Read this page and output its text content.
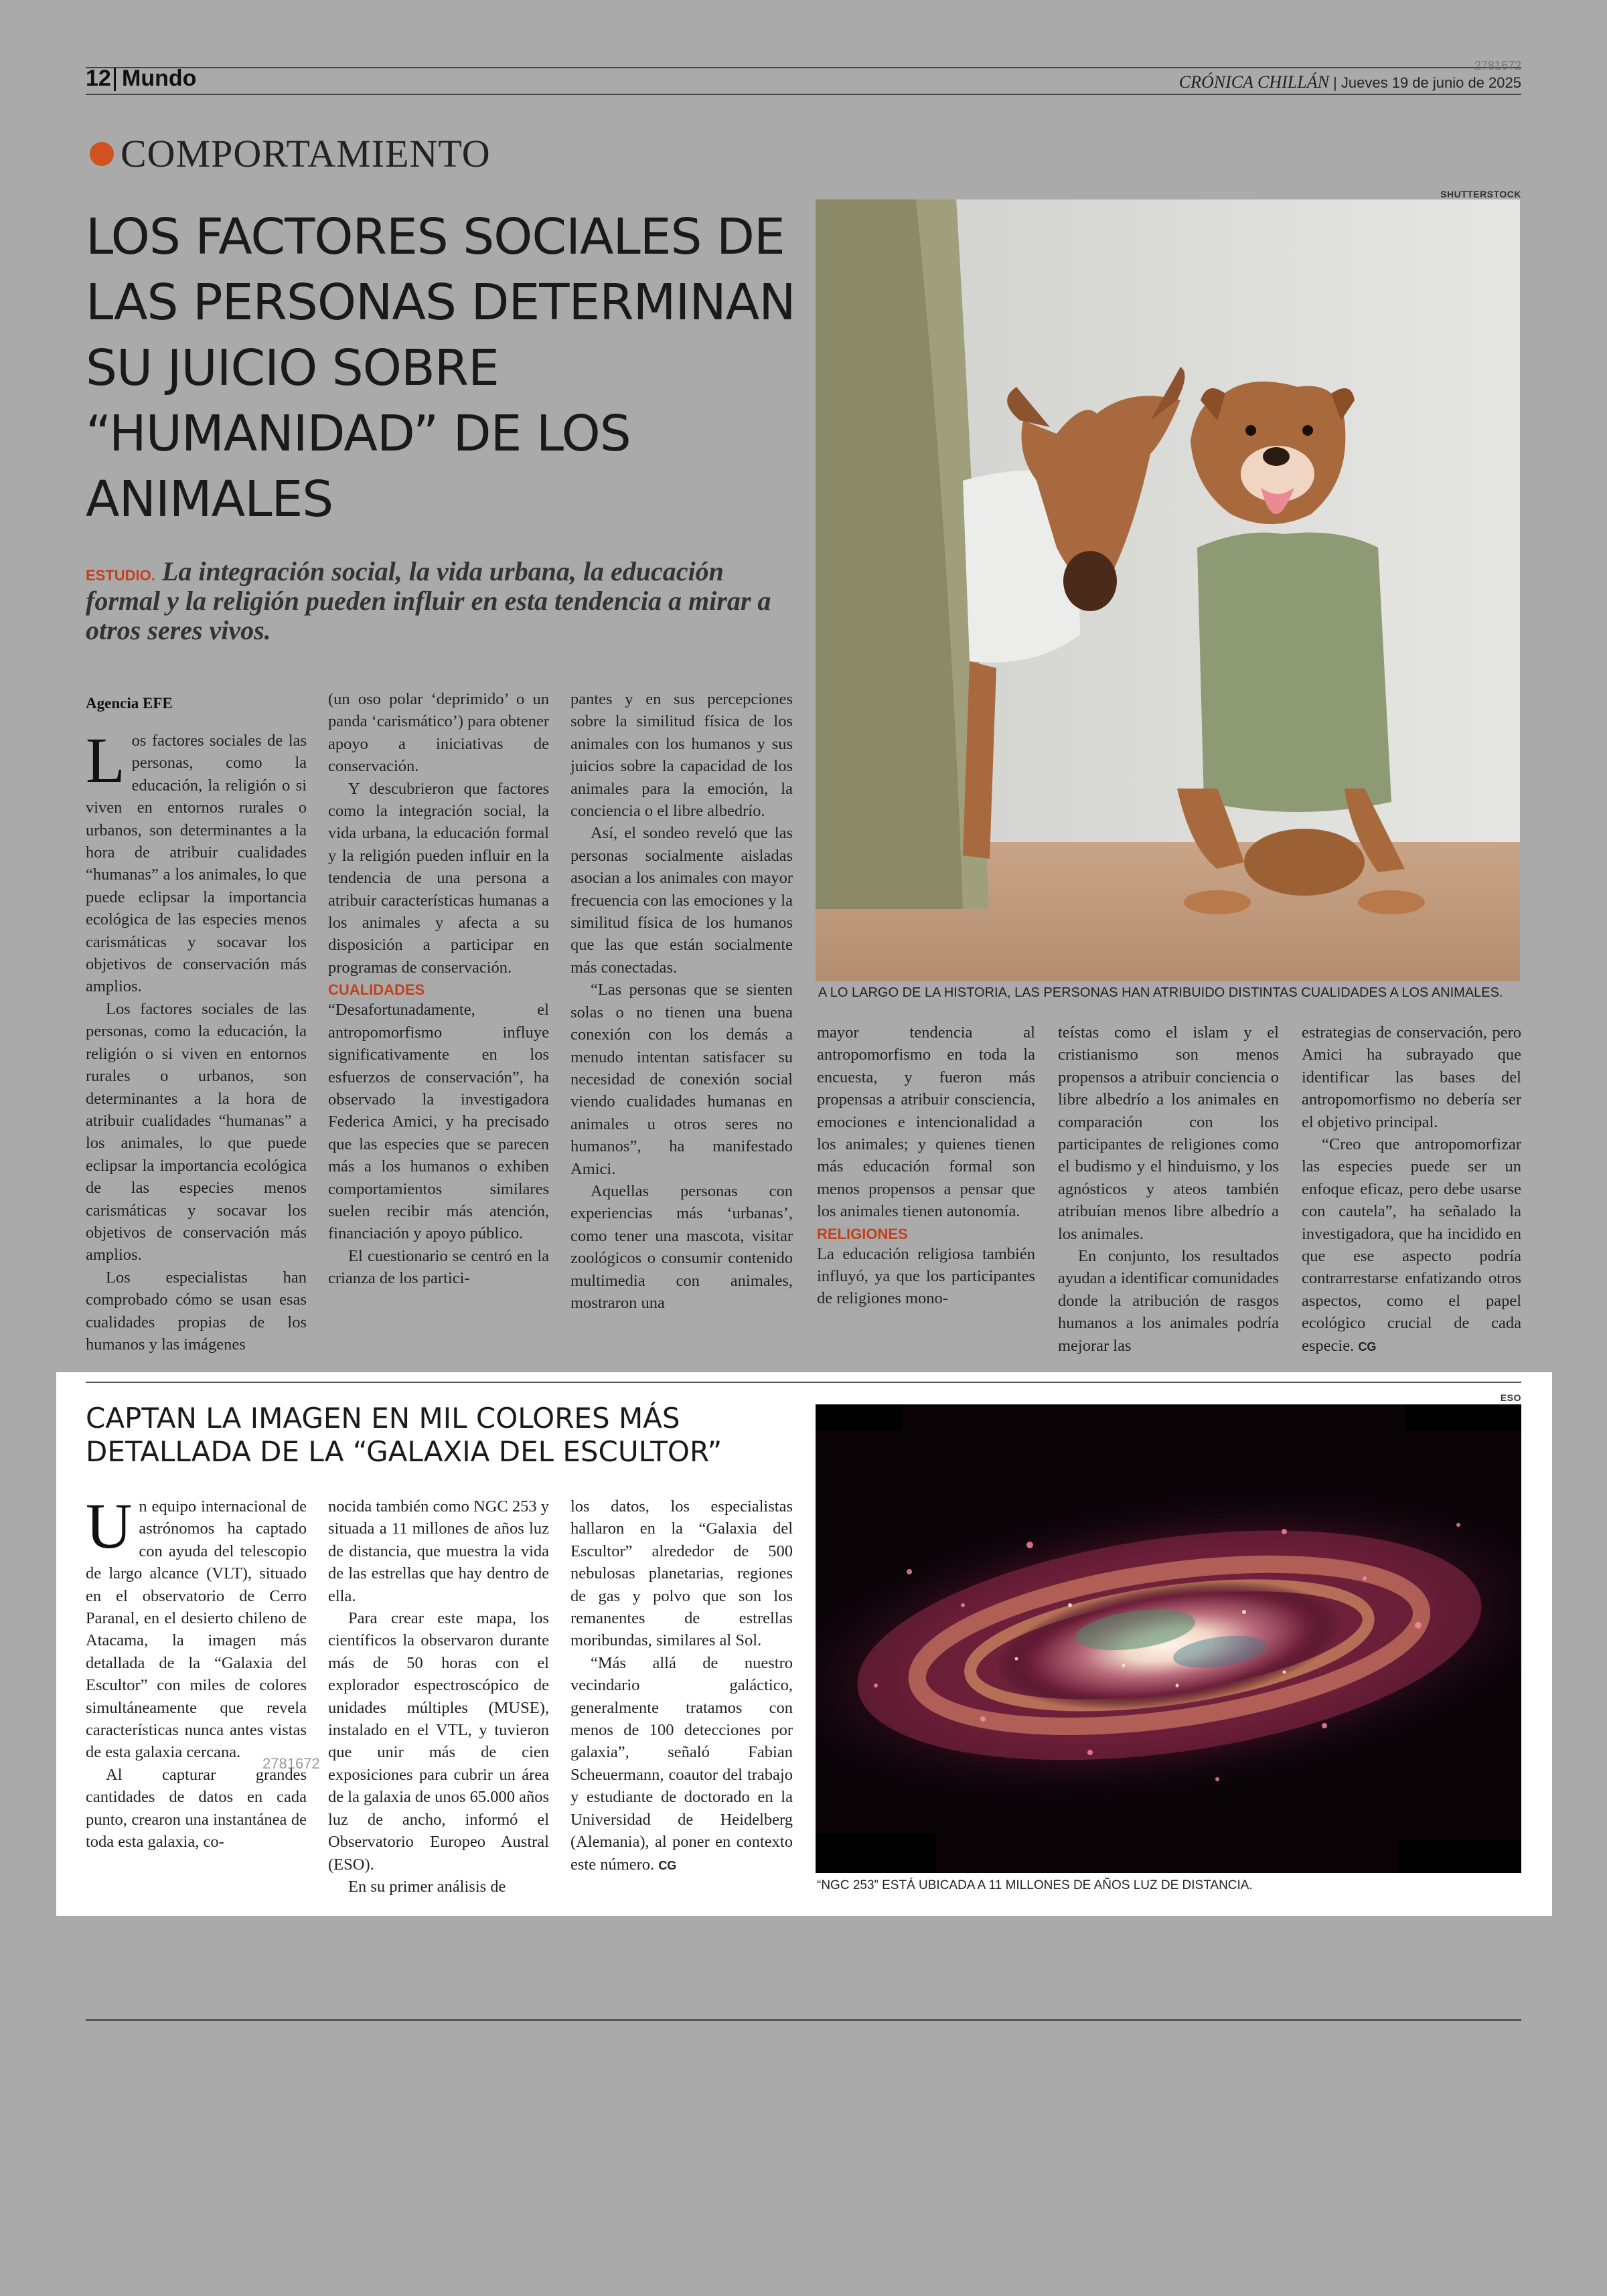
12 Mundo	CRÓNICA CHILLÁN | Jueves 19 de junio de 2025
2781672
COMPORTAMIENTO
LOS FACTORES SOCIALES DE LAS PERSONAS DETERMINAN SU JUICIO SOBRE “HUMANIDAD” DE LOS ANIMALES
ESTUDIO. La integración social, la vida urbana, la educación formal y la religión pueden influir en esta tendencia a mirar a otros seres vivos.
SHUTTERSTOCK
A LO LARGO DE LA HISTORIA, LAS PERSONAS HAN ATRIBUIDO DISTINTAS CUALIDADES A LOS ANIMALES.
Agencia EFE

Los factores sociales de las personas, como la educación, la religión o si viven en entornos rurales o urbanos, son determinantes a la hora de atribuir cualidades “humanas” a los animales, lo que puede eclipsar la importancia ecológica de las especies menos carismáticas y socavar los objetivos de conservación más amplios.

Los factores sociales de las personas, como la educación, la religión o si viven en entornos rurales o urbanos, son determinantes a la hora de atribuir cualidades “humanas” a los animales, lo que puede eclipsar la importancia ecológica de las especies menos carismáticas y socavar los objetivos de conservación más amplios.

Los especialistas han comprobado cómo se usan esas cualidades propias de los humanos y las imágenes

(un oso polar ‘deprimido’ o un panda ‘carismático’) para obtener apoyo a iniciativas de conservación.

Y descubrieron que factores como la integración social, la vida urbana, la educación formal y la religión pueden influir en la tendencia de una persona a atribuir características humanas a los animales y afecta a su disposición a participar en programas de conservación.

CUALIDADES

“Desafortunadamente, el antropomorfismo influye significativamente en los esfuerzos de conservación”, ha observado la investigadora Federica Amici, y ha precisado que las especies que se parecen más a los humanos o exhiben comportamientos similares suelen recibir más atención, financiación y apoyo público.

El cuestionario se centró en la crianza de los partici-

pantes y en sus percepciones sobre la similitud física de los animales con los humanos y sus juicios sobre la capacidad de los animales para la emoción, la conciencia o el libre albedrío.

Así, el sondeo reveló que las personas socialmente aisladas asocian a los animales con mayor frecuencia con las emociones y la similitud física de los humanos que las que están socialmente más conectadas.

“Las personas que se sienten solas o no tienen una buena conexión con los demás a menudo intentan satisfacer su necesidad de conexión social viendo cualidades humanas en animales u otros seres no humanos”, ha manifestado Amici.

Aquellas personas con experiencias más ‘urbanas’, como tener una mascota, visitar zoológicos o consumir contenido multimedia con animales, mostraron una

mayor tendencia al antropomorfismo en toda la encuesta, y fueron más propensas a atribuir consciencia, emociones e intencionalidad a los animales; y quienes tienen más educación formal son menos propensos a pensar que los animales tienen autonomía.

RELIGIONES

La educación religiosa también influyó, ya que los participantes de religiones mono-

teístas como el islam y el cristianismo son menos propensos a atribuir conciencia o libre albedrío a los animales en comparación con los participantes de religiones como el budismo y el hinduismo, y los agnósticos y ateos también atribuían menos libre albedrío a los animales.

En conjunto, los resultados ayudan a identificar comunidades donde la atribución de rasgos humanos a los animales podría mejorar las

estrategias de conservación, pero Amici ha subrayado que identificar las bases del antropomorfismo no debería ser el objetivo principal.

“Creo que antropomorfizar las especies puede ser un enfoque eficaz, pero debe usarse con cautela”, ha señalado la investigadora, que ha incidido en que ese aspecto podría contrarrestarse enfatizando otros aspectos, como el papel ecológico crucial de cada especie. CG

CAPTAN LA IMAGEN EN MIL COLORES MÁS DETALLADA DE LA “GALAXIA DEL ESCULTOR”
ESO
“NGC 253” ESTÁ UBICADA A 11 MILLONES DE AÑOS LUZ DE DISTANCIA.

Un equipo internacional de astrónomos ha captado con ayuda del telescopio de largo alcance (VLT), situado en el observatorio de Cerro Paranal, en el desierto chileno de Atacama, la imagen más detallada de la “Galaxia del Escultor” con miles de colores simultáneamente que revela características nunca antes vistas de esta galaxia cercana.

Al capturar grandes cantidades de datos en cada punto, crearon una instantánea de toda esta galaxia, co-

2781672

nocida también como NGC 253 y situada a 11 millones de años luz de distancia, que muestra la vida de las estrellas que hay dentro de ella.

Para crear este mapa, los científicos la observaron durante más de 50 horas con el explorador espectroscópico de unidades múltiples (MUSE), instalado en el VTL, y tuvieron que unir más de cien exposiciones para cubrir un área de la galaxia de unos 65.000 años luz de ancho, informó el Observatorio Europeo Austral (ESO).

En su primer análisis de

los datos, los especialistas hallaron en la “Galaxia del Escultor” alrededor de 500 nebulosas planetarias, regiones de gas y polvo que son los remanentes de estrellas moribundas, similares al Sol.

“Más allá de nuestro vecindario galáctico, generalmente tratamos con menos de 100 detecciones por galaxia”, señaló Fabian Scheuermann, coautor del trabajo y estudiante de doctorado en la Universidad de Heidelberg (Alemania), al poner en contexto este número. CG
